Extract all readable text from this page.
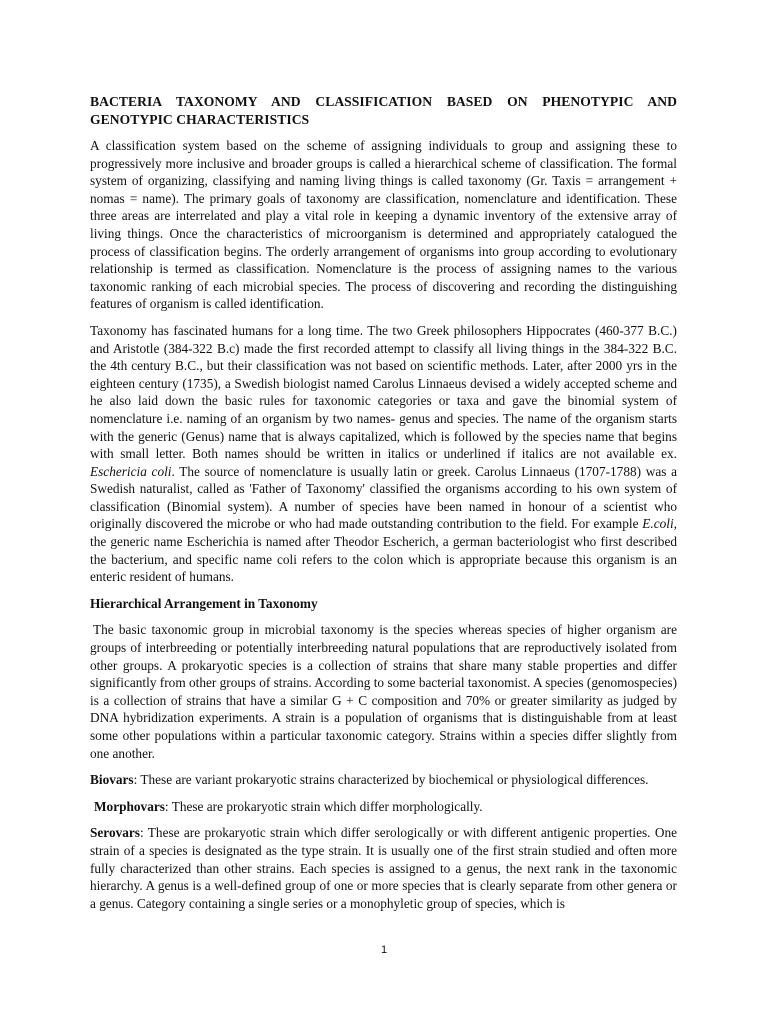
BACTERIA TAXONOMY AND CLASSIFICATION BASED ON PHENOTYPIC AND GENOTYPIC CHARACTERISTICS

A classification system based on the scheme of assigning individuals to group and assigning these to progressively more inclusive and broader groups is called a hierarchical scheme of classification. The formal system of organizing, classifying and naming living things is called taxonomy (Gr. Taxis = arrangement + nomas = name). The primary goals of taxonomy are classification, nomenclature and identification. These three areas are interrelated and play a vital role in keeping a dynamic inventory of the extensive array of living things. Once the characteristics of microorganism is determined and appropriately catalogued the process of classification begins. The orderly arrangement of organisms into group according to evolutionary relationship is termed as classification. Nomenclature is the process of assigning names to the various taxonomic ranking of each microbial species. The process of discovering and recording the distinguishing features of organism is called identification.

Taxonomy has fascinated humans for a long time. The two Greek philosophers Hippocrates (460-377 B.C.) and Aristotle (384-322 B.c) made the first recorded attempt to classify all living things in the 384-322 B.C. the 4th century B.C., but their classification was not based on scientific methods. Later, after 2000 yrs in the eighteen century (1735), a Swedish biologist named Carolus Linnaeus devised a widely accepted scheme and he also laid down the basic rules for taxonomic categories or taxa and gave the binomial system of nomenclature i.e. naming of an organism by two names- genus and species. The name of the organism starts with the generic (Genus) name that is always capitalized, which is followed by the species name that begins with small letter. Both names should be written in italics or underlined if italics are not available ex. Eschericia coli. The source of nomenclature is usually latin or greek. Carolus Linnaeus (1707-1788) was a Swedish naturalist, called as 'Father of Taxonomy' classified the organisms according to his own system of classification (Binomial system). A number of species have been named in honour of a scientist who originally discovered the microbe or who had made outstanding contribution to the field. For example E.coli, the generic name Escherichia is named after Theodor Escherich, a german bacteriologist who first described the bacterium, and specific name coli refers to the colon which is appropriate because this organism is an enteric resident of humans.

Hierarchical Arrangement in Taxonomy

The basic taxonomic group in microbial taxonomy is the species whereas species of higher organism are groups of interbreeding or potentially interbreeding natural populations that are reproductively isolated from other groups. A prokaryotic species is a collection of strains that share many stable properties and differ significantly from other groups of strains. According to some bacterial taxonomist. A species (genomospecies) is a collection of strains that have a similar G + C composition and 70% or greater similarity as judged by DNA hybridization experiments. A strain is a population of organisms that is distinguishable from at least some other populations within a particular taxonomic category. Strains within a species differ slightly from one another.

Biovars: These are variant prokaryotic strains characterized by biochemical or physiological differences.

Morphovars: These are prokaryotic strain which differ morphologically.

Serovars: These are prokaryotic strain which differ serologically or with different antigenic properties. One strain of a species is designated as the type strain. It is usually one of the first strain studied and often more fully characterized than other strains. Each species is assigned to a genus, the next rank in the taxonomic hierarchy. A genus is a well-defined group of one or more species that is clearly separate from other genera or a genus. Category containing a single series or a monophyletic group of species, which is

1
